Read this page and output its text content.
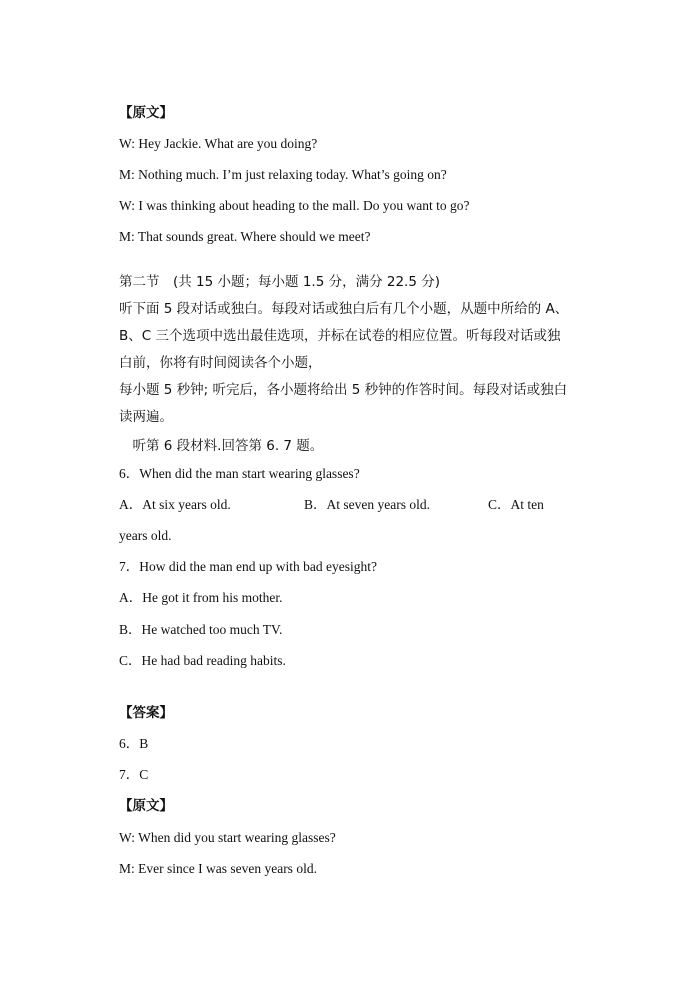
【原文】
W: Hey Jackie. What are you doing?
M: Nothing much. I’m just relaxing today. What’s going on?
W: I was thinking about heading to the mall. Do you want to go?
M: That sounds great. Where should we meet?
第二节　(共 15 小题；每小题 1.5 分，满分 22.5 分)
听下面 5 段对话或独白。每段对话或独白后有几个小题，从题中所给的 A、
B、C 三个选项中选出最佳选项，并标在试卷的相应位置。听每段对话或独
白前，你将有时间阅读各个小题，
每小题 5 秒钟; 听完后，各小题将给出 5 秒钟的作答时间。每段对话或独白
读两遍。
　听第 6 段材料.回答第 6. 7 题。
6．When did the man start wearing glasses?
A．At six years old.	B．At seven years old.	C．At ten
years old.
7．How did the man end up with bad eyesight?
A．He got it from his mother.
B．He watched too much TV.
C．He had bad reading habits.
【答案】
6．B
7．C
【原文】
W: When did you start wearing glasses?
M: Ever since I was seven years old.
